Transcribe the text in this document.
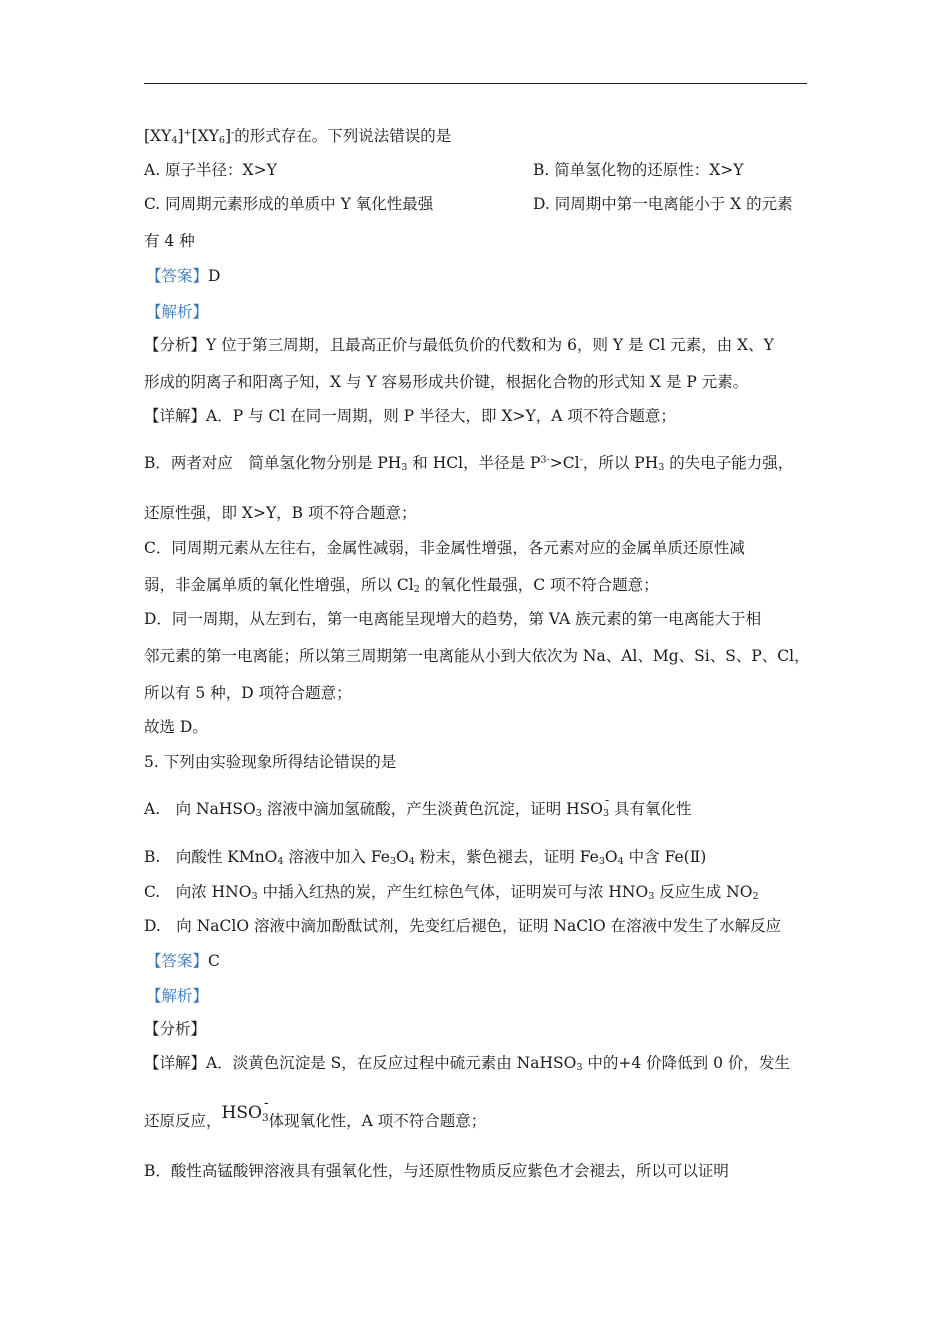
$[XY_4]^+[XY_6]^-$的形式存在。下列说法错误的是
A. 原子半径：X>Y	B. 简单氢化物的还原性：X>Y
C. 同周期元素形成的单质中 Y 氧化性最强	D. 同周期中第一电离能小于 X 的元素
有 4 种
【答案】D
【解析】
【分析】Y 位于第三周期，且最高正价与最低负价的代数和为 6，则 Y 是 Cl 元素，由 X、Y
形成的阴离子和阳离子知，X 与 Y 容易形成共价键，根据化合物的形式知 X 是 P 元素。
【详解】A．P 与 Cl 在同一周期，则 P 半径大，即 X>Y，A 项不符合题意；
B．两者对应　简单氢化物分别是 $PH_3$ 和 HCl，半径是 $P^{3-}>Cl^-$，所以 $PH_3$ 的失电子能力强，
还原性强，即 X>Y，B 项不符合题意；
C．同周期元素从左往右，金属性减弱，非金属性增强，各元素对应的金属单质还原性减
弱，非金属单质的氧化性增强，所以 $Cl_2$ 的氧化性最强，C 项不符合题意；
D．同一周期，从左到右，第一电离能呈现增大的趋势，第 VA 族元素的第一电离能大于相
邻元素的第一电离能；所以第三周期第一电离能从小到大依次为 Na、Al、Mg、Si、S、P、Cl，
所以有 5 种，D 项符合题意；
故选 D。
5. 下列由实验现象所得结论错误的是
A.　向 NaHSO$_3$ 溶液中滴加氢硫酸，产生淡黄色沉淀，证明 HSO3
-
具有氧化性
B.　向酸性 KMnO$_4$ 溶液中加入 $Fe_3O_4$ 粉末，紫色褪去，证明 $Fe_3O_4$ 中含 Fe(Ⅱ)
C.　向浓 $HNO_3$ 中插入红热的炭，产生红棕色气体，证明炭可与浓 $HNO_3$ 反应生成 $NO_2$
D.　向 NaClO 溶液中滴加酚酞试剂，先变红后褪色，证明 NaClO 在溶液中发生了水解反应
【答案】C
【解析】
【分析】
【详解】A．淡黄色沉淀是 S，在反应过程中硫元素由 NaHSO$_3$ 中的+4 价降低到 0 价，发生
还原反应，HSO3
-
体现氧化性，A 项不符合题意；
B．酸性高锰酸钾溶液具有强氧化性，与还原性物质反应紫色才会褪去，所以可以证明
